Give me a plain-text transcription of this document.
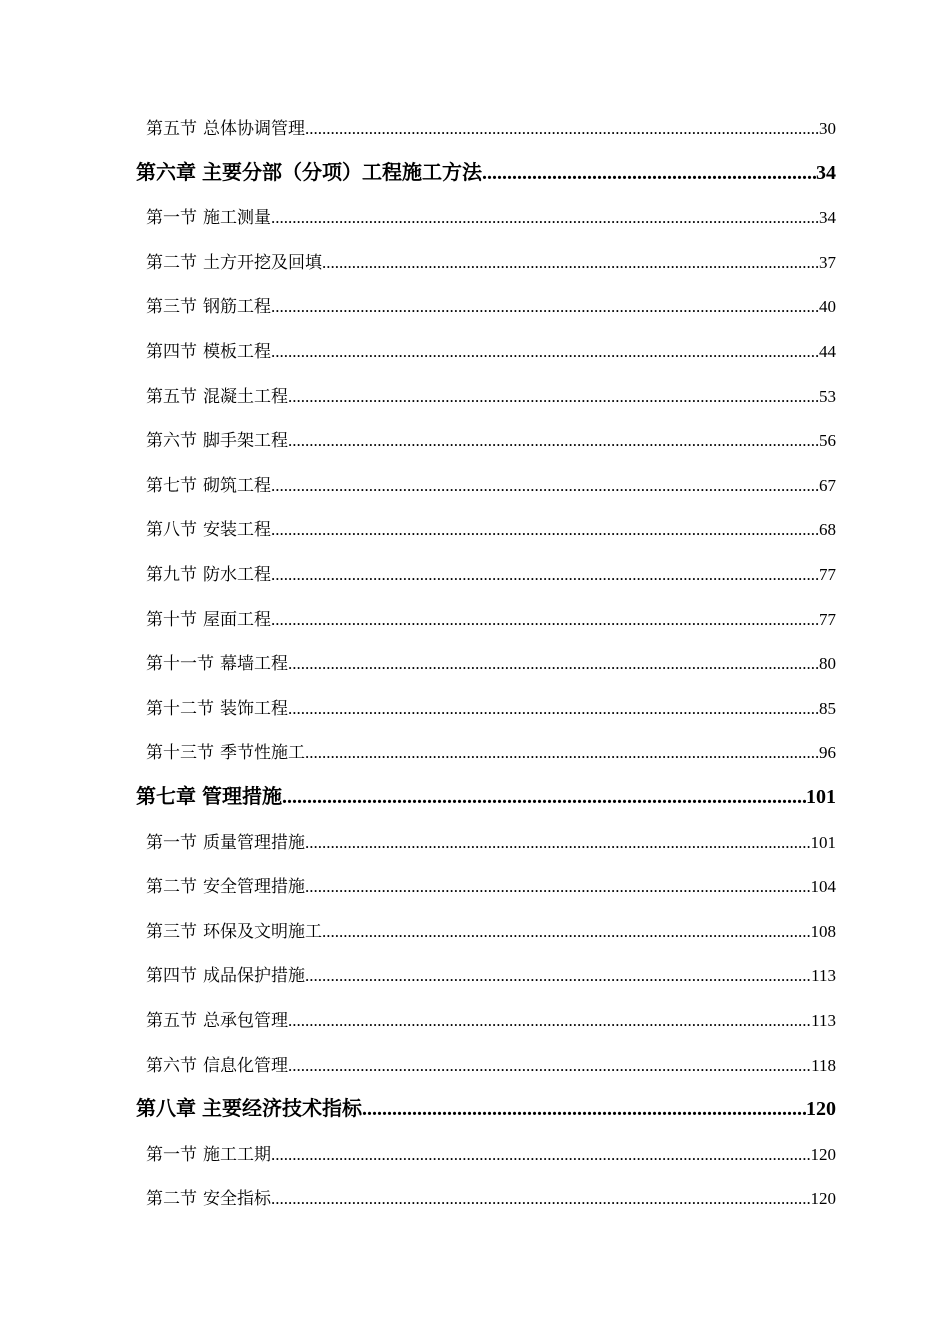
第五节 总体协调管理 .....	30
第六章 主要分部（分项）工程施工方法 .....	34
第一节 施工测量 .....	34
第二节 土方开挖及回填 .....	37
第三节 钢筋工程 .....	40
第四节 模板工程 .....	44
第五节 混凝土工程 .....	53
第六节 脚手架工程 .....	56
第七节 砌筑工程 .....	67
第八节 安装工程 .....	68
第九节 防水工程 .....	77
第十节 屋面工程 .....	77
第十一节 幕墙工程 .....	80
第十二节 装饰工程 .....	85
第十三节 季节性施工 .....	96
第七章 管理措施 .....	101
第一节 质量管理措施 .....	101
第二节 安全管理措施 .....	104
第三节 环保及文明施工 .....	108
第四节 成品保护措施 .....	113
第五节 总承包管理 .....	113
第六节 信息化管理 .....	118
第八章 主要经济技术指标 .....	120
第一节 施工工期 .....	120
第二节 安全指标 .....	120
